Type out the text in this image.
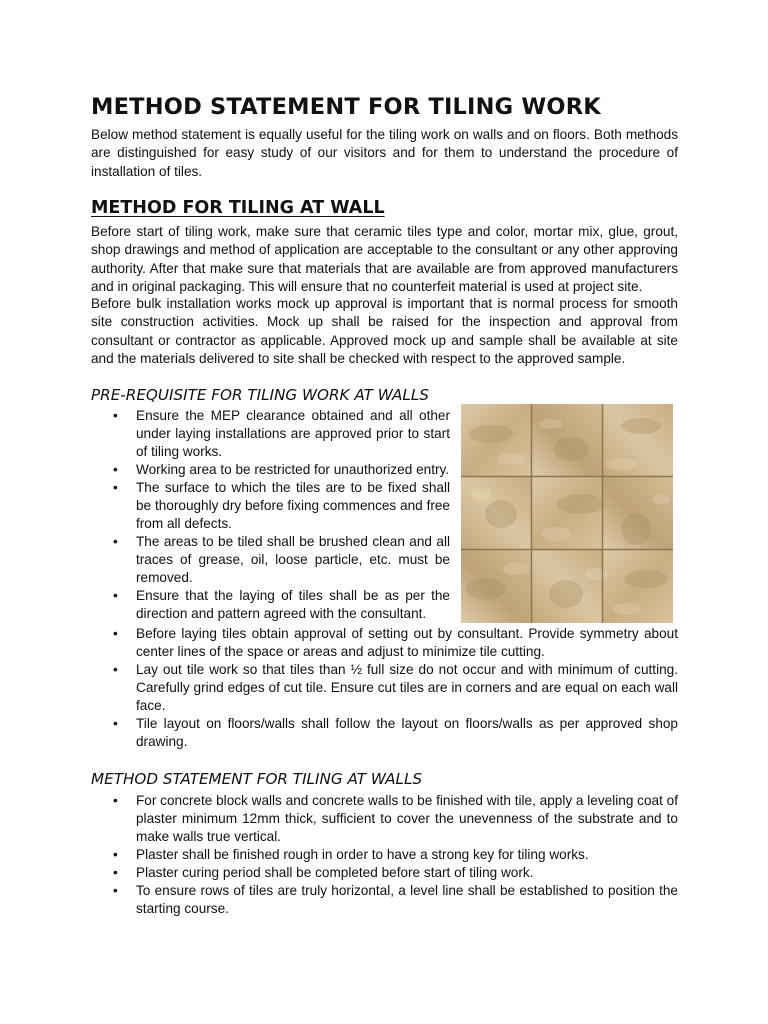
METHOD STATEMENT FOR TILING WORK

Below method statement is equally useful for the tiling work on walls and on floors. Both methods are distinguished for easy study of our visitors and for them to understand the procedure of installation of tiles.

METHOD FOR TILING AT WALL

Before start of tiling work, make sure that ceramic tiles type and color, mortar mix, glue, grout, shop drawings and method of application are acceptable to the consultant or any other approving authority. After that make sure that materials that are available are from approved manufacturers and in original packaging. This will ensure that no counterfeit material is used at project site.

Before bulk installation works mock up approval is important that is normal process for smooth site construction activities. Mock up shall be raised for the inspection and approval from consultant or contractor as applicable. Approved mock up and sample shall be available at site and the materials delivered to site shall be checked with respect to the approved sample.

PRE-REQUISITE FOR TILING WORK AT WALLS
• Ensure the MEP clearance obtained and all other under laying installations are approved prior to start of tiling works.
• Working area to be restricted for unauthorized entry.
• The surface to which the tiles are to be fixed shall be thoroughly dry before fixing commences and free from all defects.
• The areas to be tiled shall be brushed clean and all traces of grease, oil, loose particle, etc. must be removed.
• Ensure that the laying of tiles shall be as per the direction and pattern agreed with the consultant.
• Before laying tiles obtain approval of setting out by consultant. Provide symmetry about center lines of the space or areas and adjust to minimize tile cutting.
• Lay out tile work so that tiles than ½ full size do not occur and with minimum of cutting. Carefully grind edges of cut tile. Ensure cut tiles are in corners and are equal on each wall face.
• Tile layout on floors/walls shall follow the layout on floors/walls as per approved shop drawing.
METHOD STATEMENT FOR TILING AT WALLS
• For concrete block walls and concrete walls to be finished with tile, apply a leveling coat of plaster minimum 12mm thick, sufficient to cover the unevenness of the substrate and to make walls true vertical.
• Plaster shall be finished rough in order to have a strong key for tiling works.
• Plaster curing period shall be completed before start of tiling work.
• To ensure rows of tiles are truly horizontal, a level line shall be established to position the starting course.
